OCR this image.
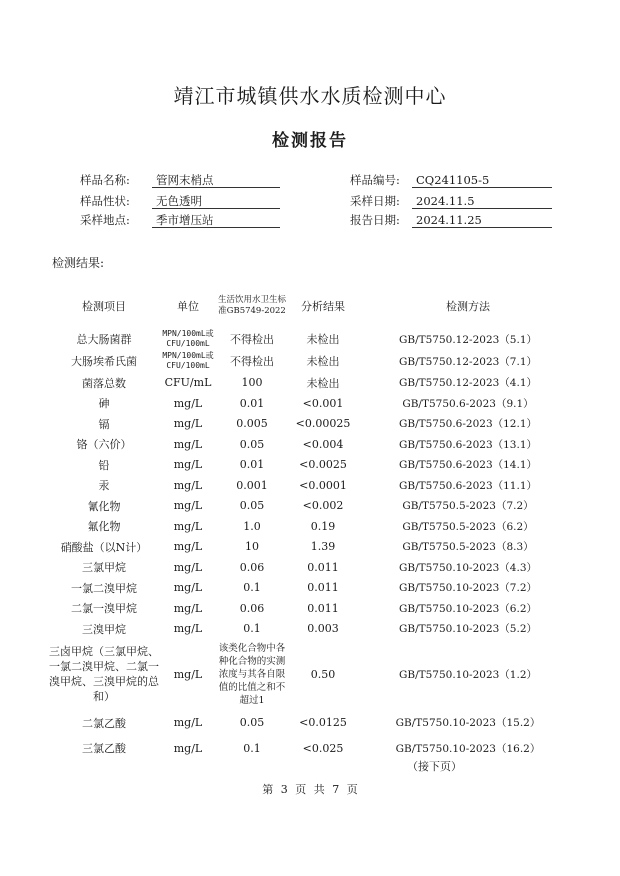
靖江市城镇供水水质检测中心
检测报告
样品名称:	管网末梢点
样品性状:	无色透明
采样地点:	季市增压站
样品编号:	CQ241105-5
采样日期:	2024.11.5
报告日期:	2024.11.25
检测结果:
检测项目	单位	生活饮用水卫生标准GB5749-2022	分析结果	检测方法
总大肠菌群	MPN/100mL或CFU/100mL	不得检出	未检出	GB/T5750.12-2023（5.1）
大肠埃希氏菌	MPN/100mL或CFU/100mL	不得检出	未检出	GB/T5750.12-2023（7.1）
菌落总数	CFU/mL	100	未检出	GB/T5750.12-2023（4.1）
砷	mg/L	0.01	<0.001	GB/T5750.6-2023（9.1）
镉	mg/L	0.005	<0.00025	GB/T5750.6-2023（12.1）
铬（六价）	mg/L	0.05	<0.004	GB/T5750.6-2023（13.1）
铅	mg/L	0.01	<0.0025	GB/T5750.6-2023（14.1）
汞	mg/L	0.001	<0.0001	GB/T5750.6-2023（11.1）
氰化物	mg/L	0.05	<0.002	GB/T5750.5-2023（7.2）
氟化物	mg/L	1.0	0.19	GB/T5750.5-2023（6.2）
硝酸盐（以N计）	mg/L	10	1.39	GB/T5750.5-2023（8.3）
三氯甲烷	mg/L	0.06	0.011	GB/T5750.10-2023（4.3）
一氯二溴甲烷	mg/L	0.1	0.011	GB/T5750.10-2023（7.2）
二氯一溴甲烷	mg/L	0.06	0.011	GB/T5750.10-2023（6.2）
三溴甲烷	mg/L	0.1	0.003	GB/T5750.10-2023（5.2）
三卤甲烷（三氯甲烷、一氯二溴甲烷、二氯一溴甲烷、三溴甲烷的总和）	mg/L	该类化合物中各种化合物的实测浓度与其各自限值的比值之和不超过1	0.50	GB/T5750.10-2023（1.2）
二氯乙酸	mg/L	0.05	<0.0125	GB/T5750.10-2023（15.2）
三氯乙酸	mg/L	0.1	<0.025	GB/T5750.10-2023（16.2）
（接下页）
第 3 页 共 7 页
